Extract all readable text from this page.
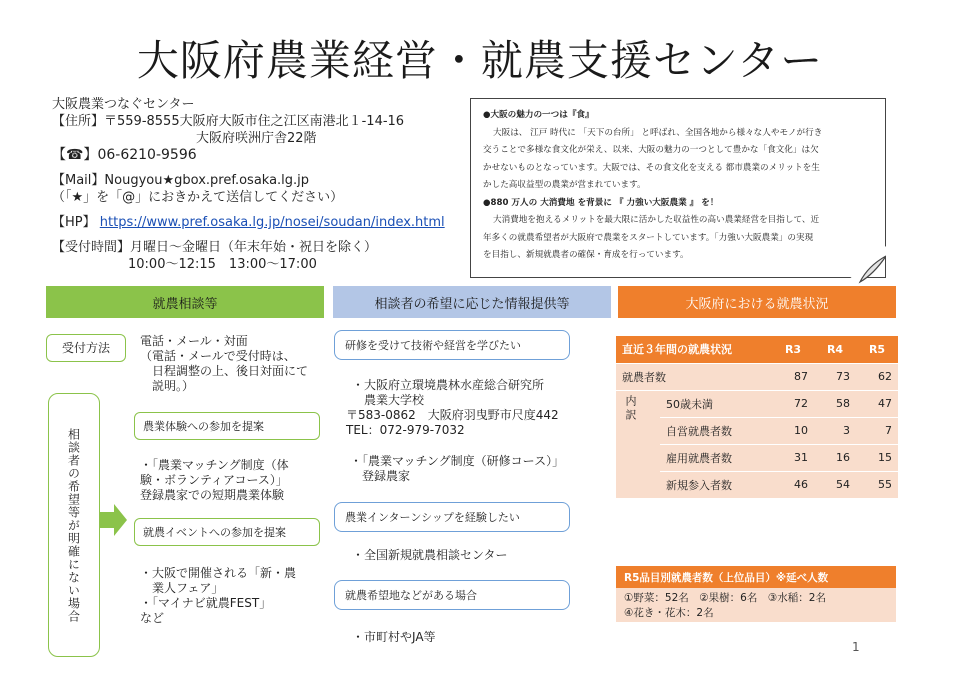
大阪府農業経営・就農支援センター
大阪農業つなぐセンター
【住所】〒559-8555大阪府大阪市住之江区南港北１-14-16
大阪府咲洲庁舎22階
【☎】06-6210-9596
【Mail】Nougyou★gbox.pref.osaka.lg.jp
（「★」を「@」におきかえて送信してください）
【HP】 https://www.pref.osaka.lg.jp/nosei/soudan/index.html
【受付時間】月曜日～金曜日（年末年始・祝日を除く）
10:00～12:15　13:00～17:00
●大阪の魅力の一つは『食』
大阪は、 江戸 時代に 「天下の台所」 と呼ばれ、全国各地から様々な人やモノが行き
交うことで多様な食文化が栄え、以来、大阪の魅力の一つとして豊かな「食文化」は欠
かせないものとなっています。大阪では、その食文化を支える 都市農業のメリットを生
かした高収益型の農業が営まれています。
●880 万人の 大消費地 を背景に 『 力強い大阪農業 』 を！
大消費地を抱えるメリットを最大限に活かした収益性の高い農業経営を目指して、近
年多くの就農希望者が大阪府で農業をスタートしています。「力強い大阪農業」の実現
を目指し、新規就農者の確保・育成を行っています。
就農相談等	相談者の希望に応じた情報提供等	大阪府における就農状況
受付方法	電話・メール・対面
（電話・メールで受付時は、
日程調整の上、後日対面にて
説明。）
相談者の希望等が明確にない場合
農業体験への参加を提案
・「農業マッチング制度（体
験・ボランティアコース）」
登録農家での短期農業体験
就農イベントへの参加を提案
・大阪で開催される「新・農
業人フェア」
・「マイナビ就農FEST」
など
研修を受けて技術や経営を学びたい
・大阪府立環境農林水産総合研究所
農業大学校
〒583-0862　大阪府羽曳野市尺度442
TEL：072-979-7032
・「農業マッチング制度（研修コース）」
登録農家
農業インターンシップを経験したい
・全国新規就農相談センター
就農希望地などがある場合
・市町村やJA等
直近３年間の就農状況		R3	R4	R5
就農者数		87	73	62

内訳	50歳未満	72	58	47
	自営就農者数	10	3	7
	雇用就農者数	31	16	15
	新規参入者数	46	54	55
R5品目別就農者数（上位品目）※延べ人数
①野菜：52名　②果樹：6名　③水稲：2名
④花き・花木：2名
1
